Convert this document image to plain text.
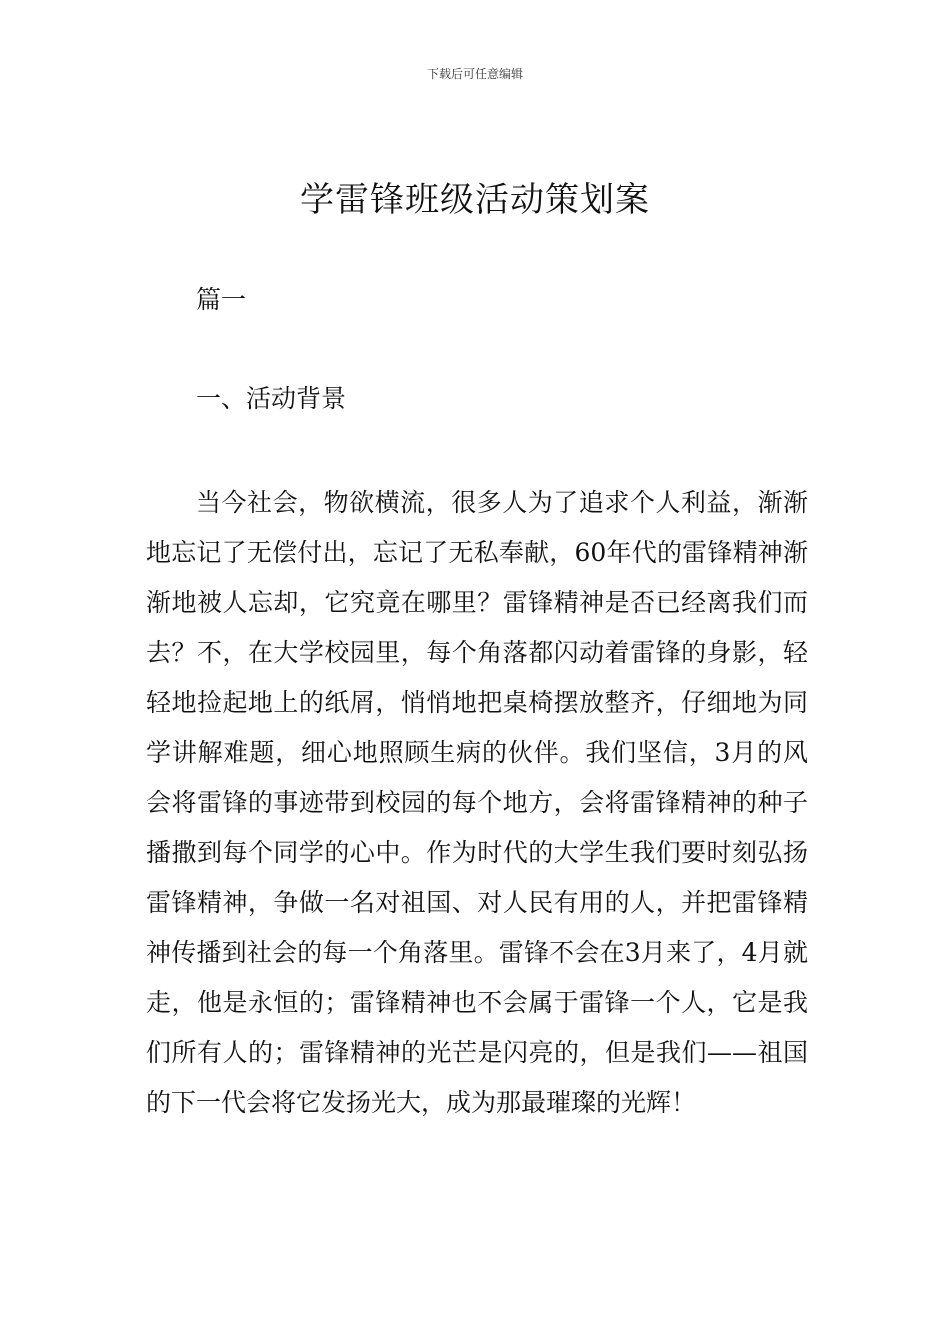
下载后可任意编辑
学雷锋班级活动策划案

篇一

一、活动背景

当今社会，物欲横流，很多人为了追求个人利益，渐渐地忘记了无偿付出，忘记了无私奉献，60年代的雷锋精神渐渐地被人忘却，它究竟在哪里？雷锋精神是否已经离我们而去？不，在大学校园里，每个角落都闪动着雷锋的身影，轻轻地捡起地上的纸屑，悄悄地把桌椅摆放整齐，仔细地为同学讲解难题，细心地照顾生病的伙伴。我们坚信，3月的风会将雷锋的事迹带到校园的每个地方，会将雷锋精神的种子播撒到每个同学的心中。作为时代的大学生我们要时刻弘扬雷锋精神，争做一名对祖国、对人民有用的人，并把雷锋精神传播到社会的每一个角落里。雷锋不会在3月来了，4月就走，他是永恒的；雷锋精神也不会属于雷锋一个人，它是我们所有人的；雷锋精神的光芒是闪亮的，但是我们——祖国的下一代会将它发扬光大，成为那最璀璨的光辉！
